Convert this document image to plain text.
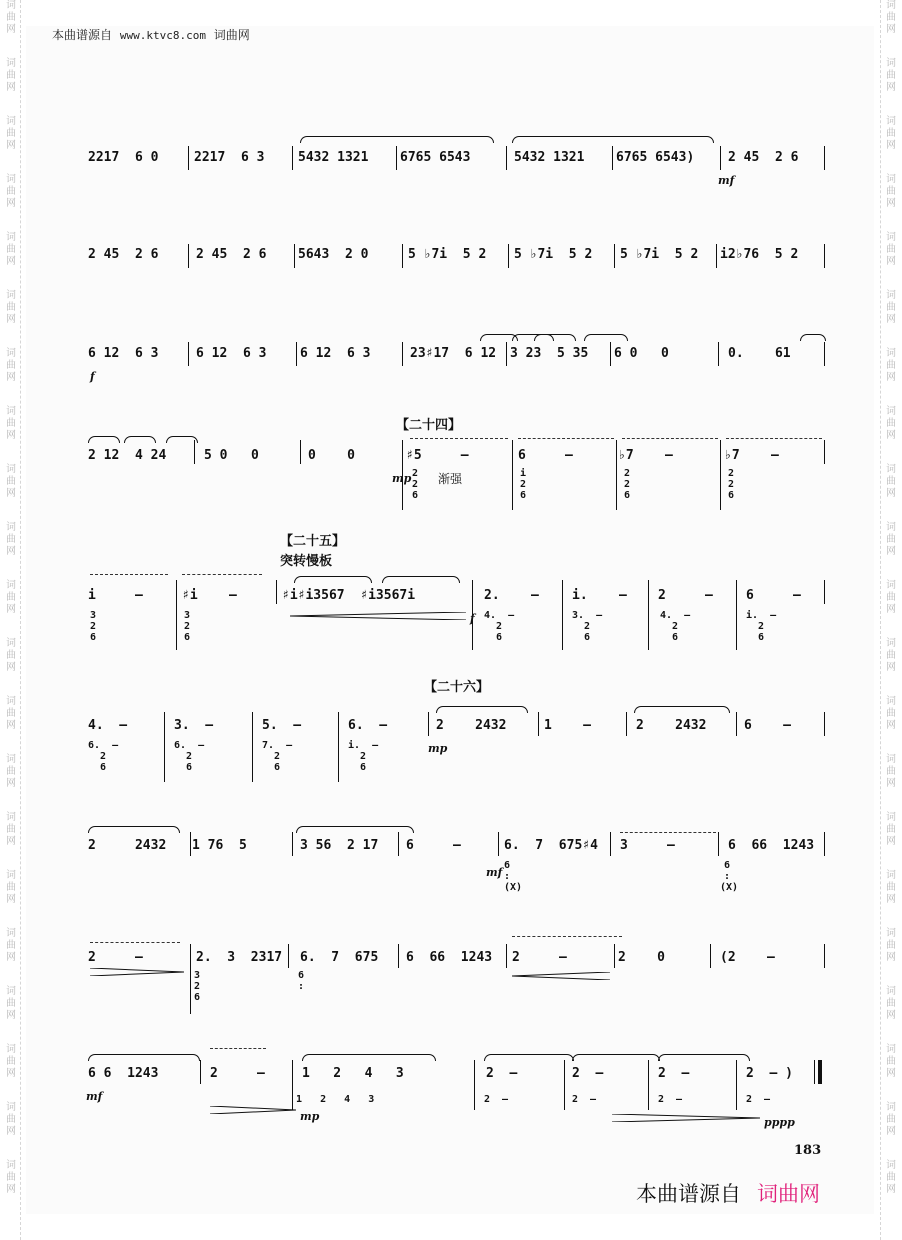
词
曲
网
词
曲
网
词
曲
网
词
曲
网
词
曲
网
词
曲
网
词
曲
网
词
曲
网
词
曲
网
词
曲
网
词
曲
网
词
曲
网
词
曲
网
词
曲
网
词
曲
网
词
曲
网
词
曲
网
词
曲
网
词
曲
网
词
曲
网
词
曲
网
词
曲
网
词
曲
网
词
曲
网
词
曲
网
词
曲
网
词
曲
网
词
曲
网
词
曲
网
词
曲
网
词
曲
网
词
曲
网
词
曲
网
词
曲
网
词
曲
网
词
曲
网
词
曲
网
词
曲
网
词
曲
网
词
曲
网
词
曲
网
词
曲
网
本曲谱源自 www.ktvc8.com 词曲网

2217  6 0

	2217  6 3

	5432 1321

6765 6543

	5432 1321

6765 6543)

	2 45  2 6

mf

2 45  2 6

	2 45  2 6

5643  2 0

	5 ♭7i  5 2

5 ♭7i  5 2

5 ♭7i  5 2

i2♭76  5 2

6 12  6 3

	6 12  6 3

	6 12  6 3

	23♯17  6 12

3 23  5 35

6 0   0

	0.    61

f
【二十四】

2 12  4 24

	5 0   0

	0    0

	♯5     –

	6     –

	♭7    –

	♭7    –

2
2
6
i
2
6
2
2
6
2
2
6
mp 渐强
【二十五】
突转慢板

i     –

	♯i    –

	♯i♯i3567  ♯i3567i

	2.    –

	i.    –

2     –

	6     –

3
2
6
3
2
6
4.  –
2
6
3.  –
2
6
4.  –
2
6
i.  –
2
6
f
【二十六】

4.  –

	3.  –

	5.  –

	6.  –

	2    2432

	1    –

	2    2432

	6    –

6.  –
2
6
6.  –
2
6
7.  –
2
6
i.  –
2
6
mp

2     2432

1 76  5

	3 56  2 17

6     –

	6.  7  675♯4

3     –

	6  66  1243

6
:
6
:
(X)	(X)
mf

2     –

	2.  3  2317

6.  7  675

6  66  1243

2     –

	2    0

	(2    –

3
2
6
6
:

6 6  1243

	2     –

	1   2   4   3

	2  –

	2  –

	2  –

	2  – )

1   2   4   3	2  –	2  –	2  –	2  –
mf
mp	pppp
183
本曲谱源自 词曲网
